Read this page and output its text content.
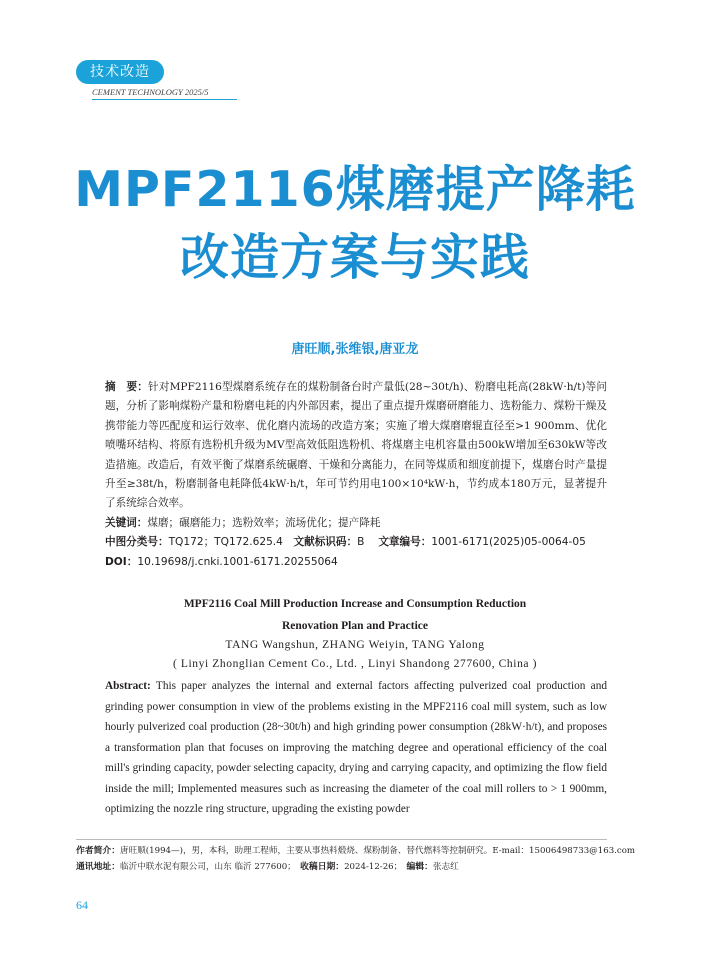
技术改造
CEMENT TECHNOLOGY 2025/5
MPF2116煤磨提产降耗
改造方案与实践
唐旺顺,张维银,唐亚龙

摘　要：针对MPF2116型煤磨系统存在的煤粉制备台时产量低(28~30t/h)、粉磨电耗高(28kW·h/t)等问题，分析了影响煤粉产量和粉磨电耗的内外部因素，提出了重点提升煤磨研磨能力、选粉能力、煤粉干燥及携带能力等匹配度和运行效率、优化磨内流场的改造方案；实施了增大煤磨磨辊直径至>1 900mm、优化喷嘴环结构、将原有选粉机升级为MV型高效低阻选粉机、将煤磨主电机容量由500kW增加至630kW等改造措施。改造后，有效平衡了煤磨系统碾磨、干燥和分离能力，在同等煤质和细度前提下，煤磨台时产量提升至≥38t/h，粉磨制备电耗降低4kW·h/t，年可节约用电100×10⁴kW·h，节约成本180万元，显著提升了系统综合效率。

关键词：煤磨；碾磨能力；选粉效率；流场优化；提产降耗

中图分类号：TQ172；TQ172.625.4　 文献标识码：B　 文章编号：1001-6171(2025)05-0064-05

DOI：10.19698/j.cnki.1001-6171.20255064

MPF2116 Coal Mill Production Increase and Consumption Reduction
Renovation Plan and Practice
TANG Wangshun, ZHANG Weiyin, TANG Yalong
( Linyi Zhonglian Cement Co., Ltd. , Linyi Shandong 277600, China )

Abstract: This paper analyzes the internal and external factors affecting pulverized coal production and grinding power consumption in view of the problems existing in the MPF2116 coal mill system, such as low hourly pulverized coal production (28~30t/h) and high grinding power consumption (28kW·h/t), and proposes a transformation plan that focuses on improving the matching degree and operational efficiency of the coal mill's grinding capacity, powder selecting capacity, drying and carrying capacity, and optimizing the flow field inside the mill; Implemented measures such as increasing the diameter of the coal mill rollers to > 1 900mm, optimizing the nozzle ring structure, upgrading the existing powder

作者简介：唐旺顺(1994—)，男，本科，助理工程师，主要从事热料煅烧、煤粉制备、替代燃料等控制研究。E-mail：15006498733@163.com

通讯地址：临沂中联水泥有限公司，山东 临沂 277600；　 收稿日期：2024-12-26；　 编辑：张志红

64
